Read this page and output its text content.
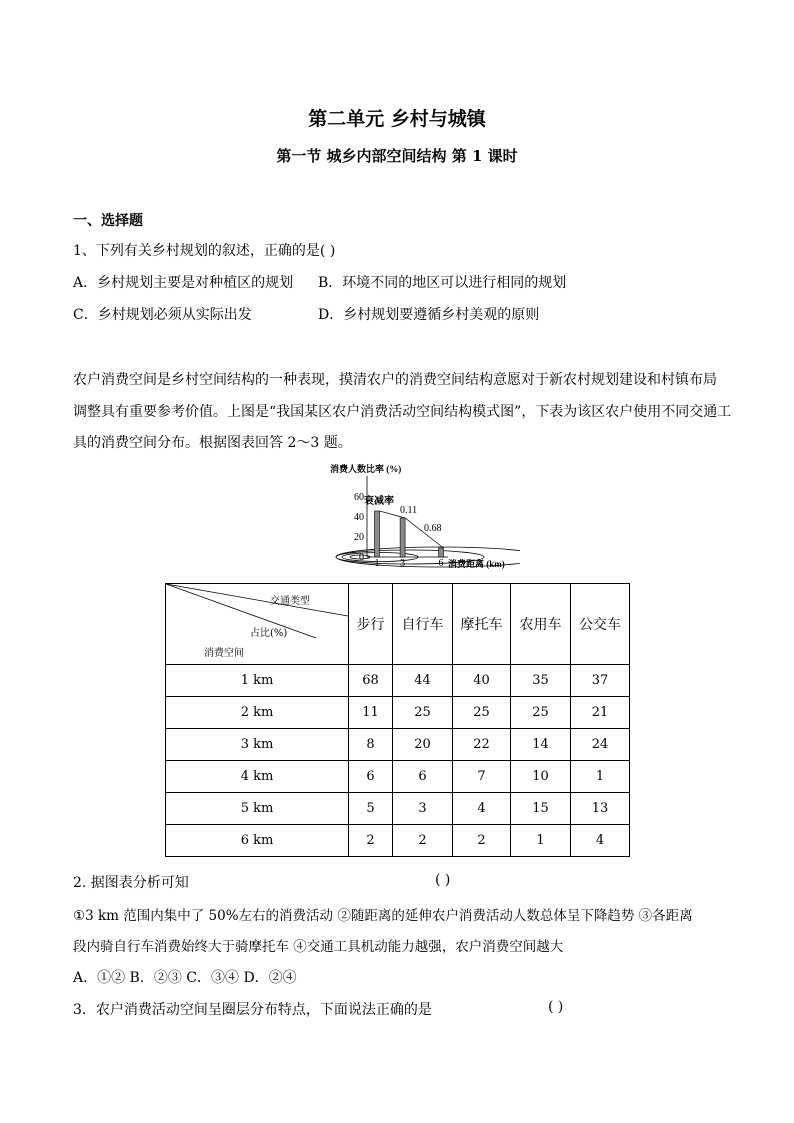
第二单元 乡村与城镇
第一节 城乡内部空间结构 第 1 课时
一、选择题
1、下列有关乡村规划的叙述，正确的是( )
A．乡村规划主要是对种植区的规划 B．环境不同的地区可以进行相同的规划
C．乡村规划必须从实际出发	D．乡村规划要遵循乡村美观的原则
农户消费空间是乡村空间结构的一种表现，摸清农户的消费空间结构意愿对于新农村规划建设和村镇布局
调整具有重要参考价值。上图是“我国某区农户消费活动空间结构模式图”，下表为该区农户使用不同交通工
具的消费空间分布。根据图表回答 2～3 题。
0
20
40
60
1 3	6
消费人数比率 (%)
消费距离 (km)
衰减率
0.11
0.68
交通类型
占比(%)
消费空间	步行	自行车	摩托车	农用车	公交车
1 km	68	44	40	35	37
2 km	11	25	25	25	21
3 km	8	20	22	14	24
4 km	6	6	7	10	1
5 km	5	3	4	15	13
6 km	2	2	2	1	4
2. 据图表分析可知	( )
①3 km 范围内集中了 50%左右的消费活动 ②随距离的延伸农户消费活动人数总体呈下降趋势 ③各距离
段内骑自行车消费始终大于骑摩托车 ④交通工具机动能力越强，农户消费空间越大
A．①② B．②③ C．③④ D．②④
3．农户消费活动空间呈圈层分布特点，下面说法正确的是	( )
